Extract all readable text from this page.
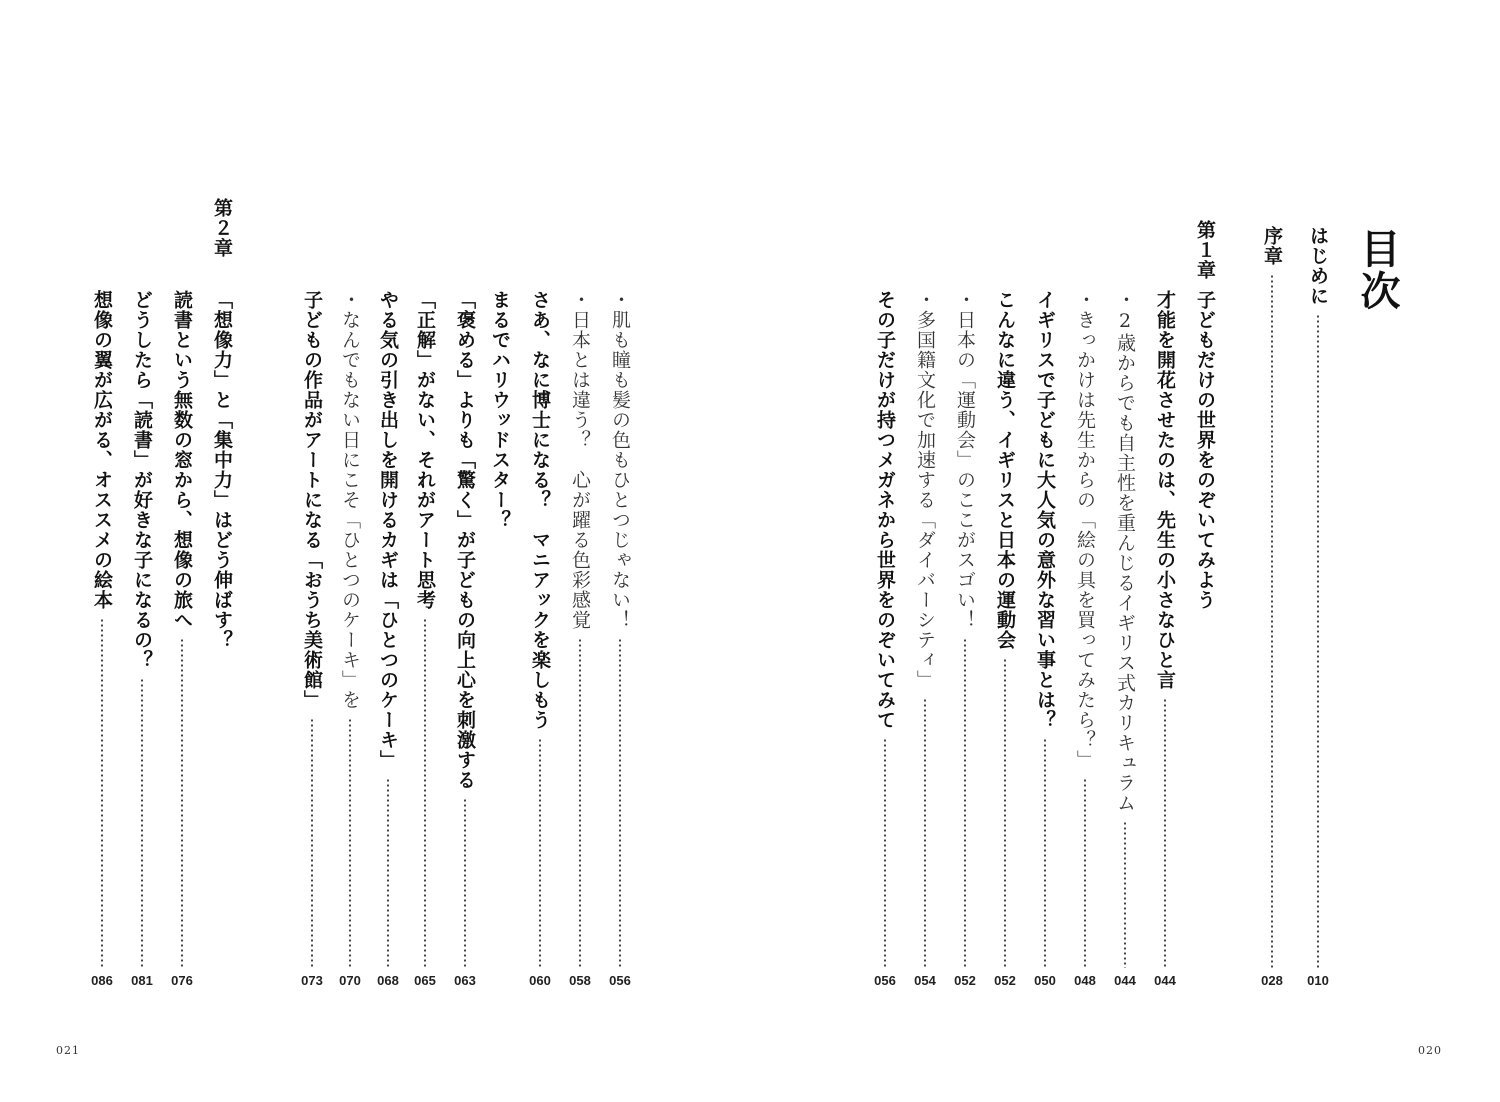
目次
はじめに
010
序章
028
第１章
子どもだけの世界をのぞいてみよう
才能を開花させたのは、先生の小さなひと言
044
・2歳からでも自主性を重んじるイギリス式カリキュラム
044
・きっかけは先生からの「絵の具を買ってみたら？」
048
イギリスで子どもに大人気の意外な習い事とは？
050
こんなに違う、イギリスと日本の運動会
052
・日本の「運動会」のここがスゴい！
052
・多国籍文化で加速する「ダイバーシティ」
054
その子だけが持つメガネから世界をのぞいてみて
056
・肌も瞳も髪の色もひとつじゃない！
056
・日本とは違う？　心が躍る色彩感覚
058
さあ、なに博士になる？　マニアックを楽しもう
060
まるでハリウッドスター？
「褒める」よりも「驚く」が子どもの向上心を刺激する
063
「正解」がない、それがアート思考
065
やる気の引き出しを開けるカギは「ひとつのケーキ」
068
・なんでもない日にこそ「ひとつのケーキ」を
070
子どもの作品がアートになる「おうち美術館」
073
第２章
「想像力」と「集中力」はどう伸ばす？
読書という無数の窓から、想像の旅へ
076
どうしたら「読書」が好きな子になるの？
081
想像の翼が広がる、オススメの絵本
086
020
021
